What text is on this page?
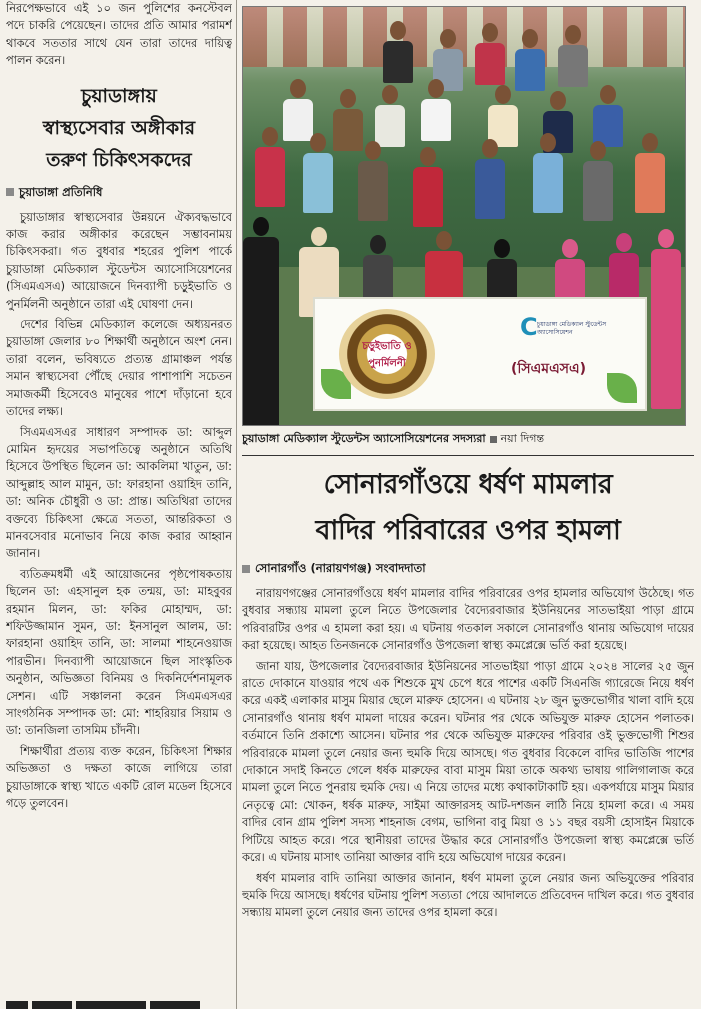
নিরপেক্ষভাবে এই ১০ জন পুলিশের কনস্টেবল পদে চাকরি পেয়েছেন। তাদের প্রতি আমার পরামর্শ থাকবে সততার সাথে যেন তারা তাদের দায়িত্ব পালন করেন।

চুয়াডাঙ্গায়
স্বাস্থ্যসেবার অঙ্গীকার
তরুণ চিকিৎসকদের
চুয়াডাঙ্গা প্রতিনিধি

চুয়াডাঙ্গার স্বাস্থ্যসেবার উন্নয়নে ঐক্যবদ্ধভাবে কাজ করার অঙ্গীকার করেছেন সম্ভাবনাময় চিকিৎসকরা। গত বুধবার শহরের পুলিশ পার্কে চুয়াডাঙ্গা মেডিক্যাল স্টুডেন্টস অ্যাসোসিয়েশনের (সিএমএসএ) আয়োজনে দিনব্যাপী চড়ুইভাতি ও পুনর্মিলনী অনুষ্ঠানে তারা এই ঘোষণা দেন।

দেশের বিভিন্ন মেডিক্যাল কলেজে অধ্যয়নরত চুয়াডাঙ্গা জেলার ৮০ শিক্ষার্থী অনুষ্ঠানে অংশ নেন। তারা বলেন, ভবিষ্যতে প্রত্যন্ত গ্রামাঞ্চল পর্যন্ত সমান স্বাস্থ্যসেবা পৌঁছে দেয়ার পাশাপাশি সচেতন সমাজকর্মী হিসেবেও মানুষের পাশে দাঁড়ানো হবে তাদের লক্ষ্য।

সিএমএসএর সাধারণ সম্পাদক ডা: আব্দুল মোমিন হৃদয়ের সভাপতিত্বে অনুষ্ঠানে অতিথি হিসেবে উপস্থিত ছিলেন ডা: আকলিমা খাতুন, ডা: আব্দুল্লাহ আল মামুন, ডা: ফারহানা ওয়াহিদ তানি, ডা: অনিক চৌধুরী ও ডা: প্রান্ত। অতিথিরা তাদের বক্তব্যে চিকিৎসা ক্ষেত্রে সততা, আন্তরিকতা ও মানবসেবার মনোভাব নিয়ে কাজ করার আহ্বান জানান।

ব্যতিক্রমধর্মী এই আয়োজনের পৃষ্ঠপোষকতায় ছিলেন ডা: এহসানুল হক তন্ময়, ডা: মাহবুবর রহমান মিলন, ডা: ফকির মোহাম্মদ, ডা: শফিউজ্জামান সুমন, ডা: ইনসানুল আলম, ডা: ফারহানা ওয়াহিদ তানি, ডা: সালমা শাহনেওয়াজ পারভীন। দিনব্যাপী আয়োজনে ছিল সাংস্কৃতিক অনুষ্ঠান, অভিজ্ঞতা বিনিময় ও দিকনির্দেশনামূলক সেশন। এটি সঞ্চালনা করেন সিএমএসএর সাংগঠনিক সম্পাদক ডা: মো: শাহরিয়ার সিয়াম ও ডা: তানজিলা তাসমিম চাঁদনী।

শিক্ষার্থীরা প্রত্যয় ব্যক্ত করেন, চিকিৎসা শিক্ষার অভিজ্ঞতা ও দক্ষতা কাজে লাগিয়ে তারা চুয়াডাঙ্গাকে স্বাস্থ্য খাতে একটি রোল মডেল হিসেবে গড়ে তুলবেন।

চড়ুইভাতি ও পুনর্মিলনী
C চুয়াডাঙ্গা মেডিক্যাল স্টুডেন্টস অ্যাসোসিয়েশন
(সিএমএসএ)
চুয়াডাঙ্গা মেডিক্যাল স্টুডেন্টস অ্যাসোসিয়েশনের সদস্যরা নয়া দিগন্ত
সোনারগাঁওয়ে ধর্ষণ মামলার
বাদির পরিবারের ওপর হামলা
সোনারগাঁও (নারায়ণগঞ্জ) সংবাদদাতা

নারায়ণগঞ্জের সোনারগাঁওয়ে ধর্ষণ মামলার বাদির পরিবারের ওপর হামলার অভিযোগ উঠেছে। গত বুধবার সন্ধ্যায় মামলা তুলে নিতে উপজেলার বৈদ্যেরবাজার ইউনিয়নের সাতভাইয়া পাড়া গ্রামে পরিবারটির ওপর এ হামলা করা হয়। এ ঘটনায় গতকাল সকালে সোনারগাঁও থানায় অভিযোগ দায়ের করা হয়েছে। আহত তিনজনকে সোনারগাঁও উপজেলা স্বাস্থ্য কমপ্লেক্সে ভর্তি করা হয়েছে।

জানা যায়, উপজেলার বৈদ্যেরবাজার ইউনিয়নের সাতভাইয়া পাড়া গ্রামে ২০২৪ সালের ২৫ জুন রাতে দোকানে যাওয়ার পথে এক শিশুকে মুখ চেপে ধরে পাশের একটি সিএনজি গ্যারেজে নিয়ে ধর্ষণ করে একই এলাকার মাসুম মিয়ার ছেলে মারুফ হোসেন। এ ঘটনায় ২৮ জুন ভুক্তভোগীর খালা বাদি হয়ে সোনারগাঁও থানায় ধর্ষণ মামলা দায়ের করেন। ঘটনার পর থেকে অভিযুক্ত মারুফ হোসেন পলাতক। বর্তমানে তিনি প্রকাশ্যে আসেন। ঘটনার পর থেকে অভিযুক্ত মারুফের পরিবার ওই ভুক্তভোগী শিশুর পরিবারকে মামলা তুলে নেয়ার জন্য হুমকি দিয়ে আসছে। গত বুধবার বিকেলে বাদির ভাতিজি পাশের দোকানে সদাই কিনতে গেলে ধর্ষক মারুফের বাবা মাসুম মিয়া তাকে অকথ্য ভাষায় গালিগালাজ করে মামলা তুলে নিতে পুনরায় হুমকি দেয়। এ নিয়ে তাদের মধ্যে কথাকাটাকাটি হয়। একপর্যায়ে মাসুম মিয়ার নেতৃত্বে মো: খোকন, ধর্ষক মারুফ, সাইমা আক্তারসহ আট-দশজন লাঠি নিয়ে হামলা করে। এ সময় বাদির বোন গ্রাম পুলিশ সদস্য শাহনাজ বেগম, ভাগিনা বাবু মিয়া ও ১১ বছর বয়সী হোসাইন মিয়াকে পিটিয়ে আহত করে। পরে স্থানীয়রা তাদের উদ্ধার করে সোনারগাঁও উপজেলা স্বাস্থ্য কমপ্লেক্সে ভর্তি করে। এ ঘটনায় মাসাৎ তানিয়া আক্তার বাদি হয়ে অভিযোগ দায়ের করেন।

ধর্ষণ মামলার বাদি তানিয়া আক্তার জানান, ধর্ষণ মামলা তুলে নেয়ার জন্য অভিযুক্তের পরিবার হুমকি দিয়ে আসছে। ধর্ষণের ঘটনায় পুলিশ সত্যতা পেয়ে আদালতে প্রতিবেদন দাখিল করে। গত বুধবার সন্ধ্যায় মামলা তুলে নেয়ার জন্য তাদের ওপর হামলা করে।
